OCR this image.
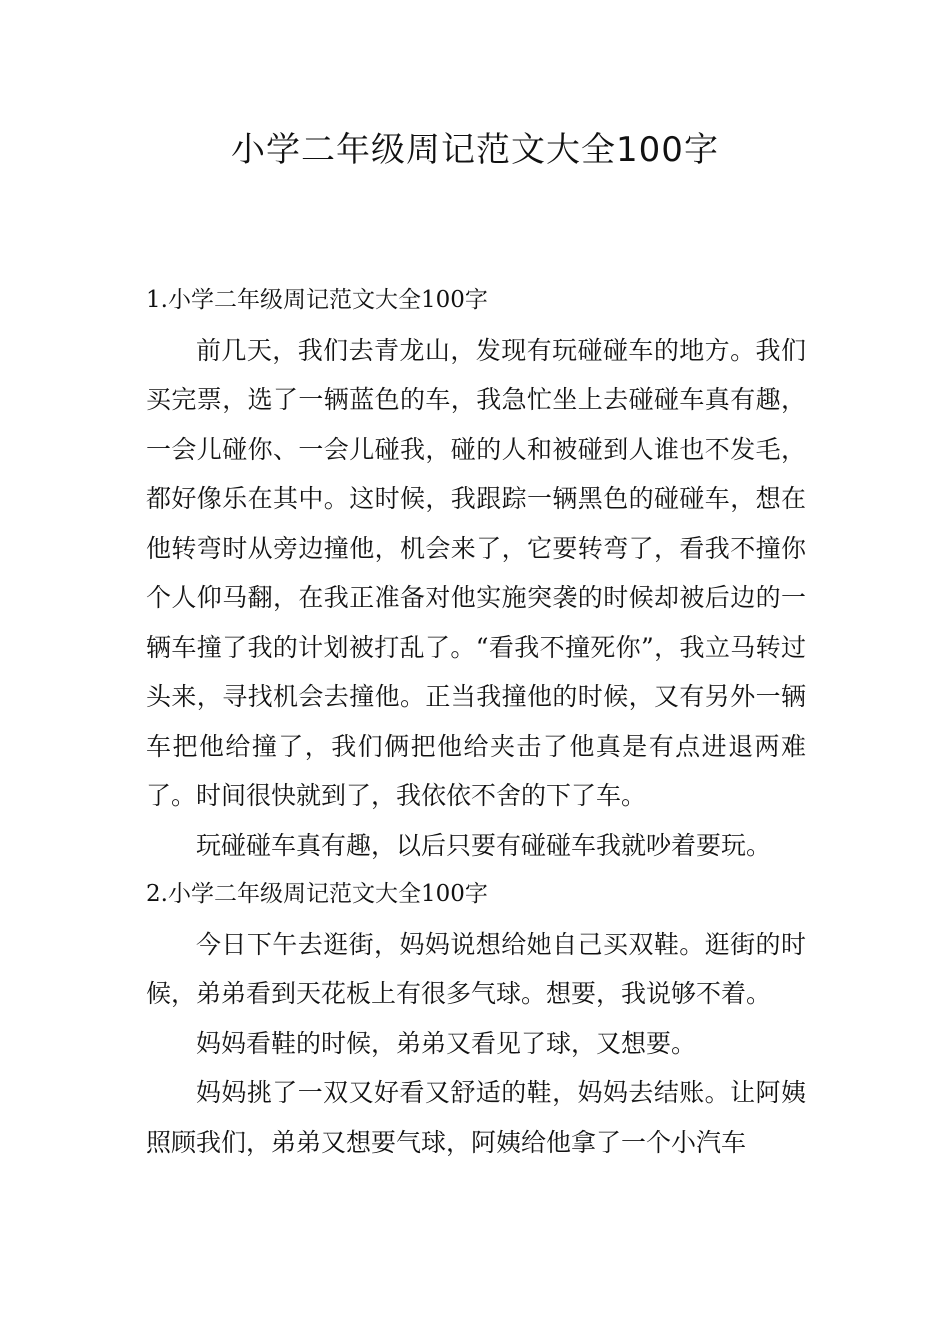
小学二年级周记范文大全100字
1.小学二年级周记范文大全100字

前几天，我们去青龙山，发现有玩碰碰车的地方。我们买完票，选了一辆蓝色的车，我急忙坐上去碰碰车真有趣，一会儿碰你、一会儿碰我，碰的人和被碰到人谁也不发毛，都好像乐在其中。这时候，我跟踪一辆黑色的碰碰车，想在他转弯时从旁边撞他，机会来了，它要转弯了，看我不撞你个人仰马翻，在我正准备对他实施突袭的时候却被后边的一辆车撞了我的计划被打乱了。“看我不撞死你”，我立马转过头来，寻找机会去撞他。正当我撞他的时候，又有另外一辆车把他给撞了，我们俩把他给夹击了他真是有点进退两难了。时间很快就到了，我依依不舍的下了车。

玩碰碰车真有趣，以后只要有碰碰车我就吵着要玩。

2.小学二年级周记范文大全100字

今日下午去逛街，妈妈说想给她自己买双鞋。逛街的时候，弟弟看到天花板上有很多气球。想要，我说够不着。

妈妈看鞋的时候，弟弟又看见了球，又想要。

妈妈挑了一双又好看又舒适的鞋，妈妈去结账。让阿姨照顾我们，弟弟又想要气球，阿姨给他拿了一个小汽车
